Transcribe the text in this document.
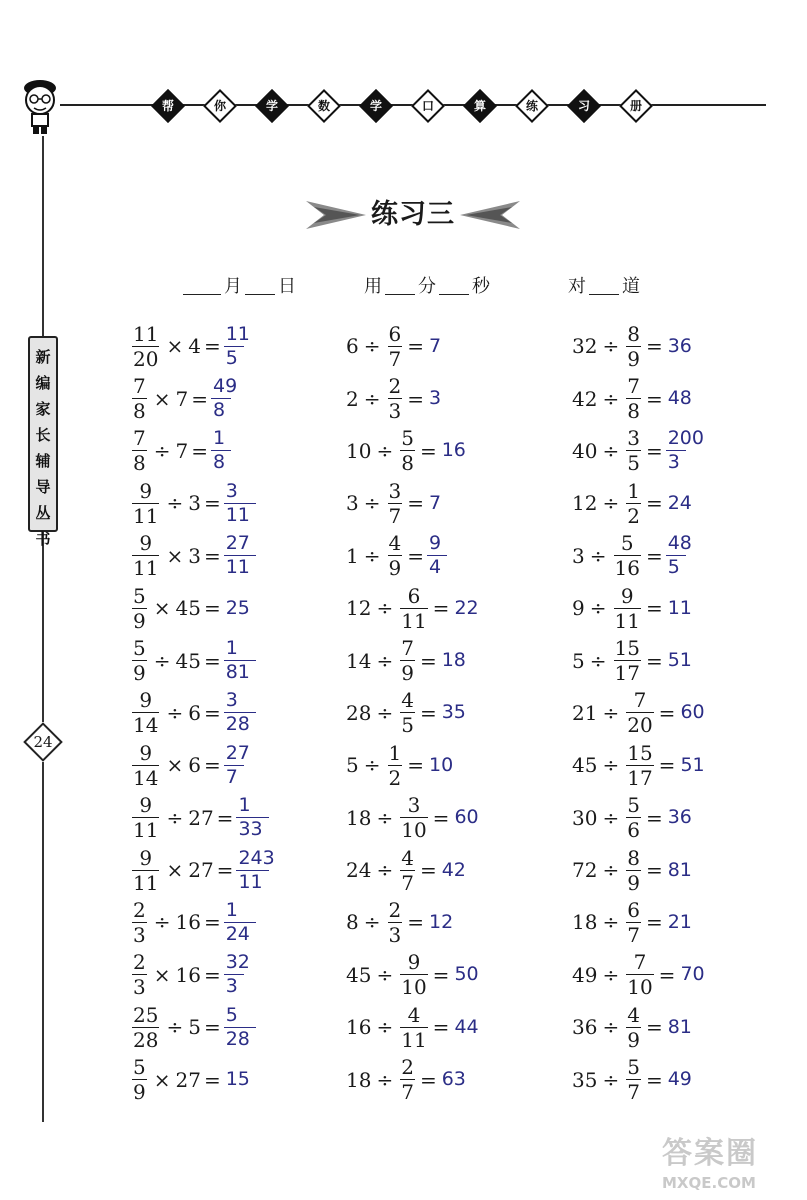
帮	你	学	数	学	口	算	练	习	册
新
编
家
长
辅
导
丛
书
24
练习三
月 日	用 分 秒	对 道
$\frac{11}{20} \times 4 = \frac{11}{5}$
$\frac{7}{8} \times 7 = \frac{49}{8}$
$\frac{7}{8} \div 7 = \frac{1}{8}$
$\frac{9}{11} \div 3 = \frac{3}{11}$
$\frac{9}{11} \times 3 = \frac{27}{11}$
$\frac{5}{9} \times 45 = 25$
$\frac{5}{9} \div 45 = \frac{1}{81}$
$\frac{9}{14} \div 6 = \frac{3}{28}$
$\frac{9}{14} \times 6 = \frac{27}{7}$
$\frac{9}{11} \div 27 = \frac{1}{33}$
$\frac{9}{11} \times 27 = \frac{243}{11}$
$\frac{2}{3} \div 16 = \frac{1}{24}$
$\frac{2}{3} \times 16 = \frac{32}{3}$
$\frac{25}{28} \div 5 = \frac{5}{28}$
$\frac{5}{9} \times 27 = 15$
$6 \div \frac{6}{7} = 7$
$2 \div \frac{2}{3} = 3$
$10 \div \frac{5}{8} = 16$
$3 \div \frac{3}{7} = 7$
$1 \div \frac{4}{9} = \frac{9}{4}$
$12 \div \frac{6}{11} = 22$
$14 \div \frac{7}{9} = 18$
$28 \div \frac{4}{5} = 35$
$5 \div \frac{1}{2} = 10$
$18 \div \frac{3}{10} = 60$
$24 \div \frac{4}{7} = 42$
$8 \div \frac{2}{3} = 12$
$45 \div \frac{9}{10} = 50$
$16 \div \frac{4}{11} = 44$
$18 \div \frac{2}{7} = 63$
$32 \div \frac{8}{9} = 36$
$42 \div \frac{7}{8} = 48$
$40 \div \frac{3}{5} = \frac{200}{3}$
$12 \div \frac{1}{2} = 24$
$3 \div \frac{5}{16} = \frac{48}{5}$
$9 \div \frac{9}{11} = 11$
$5 \div \frac{15}{17} = 51$
$21 \div \frac{7}{20} = 60$
$45 \div \frac{15}{17} = 51$
$30 \div \frac{5}{6} = 36$
$72 \div \frac{8}{9} = 81$
$18 \div \frac{6}{7} = 21$
$49 \div \frac{7}{10} = 70$
$36 \div \frac{4}{9} = 81$
$35 \div \frac{5}{7} = 49$
答案圈
MXQE.COM
